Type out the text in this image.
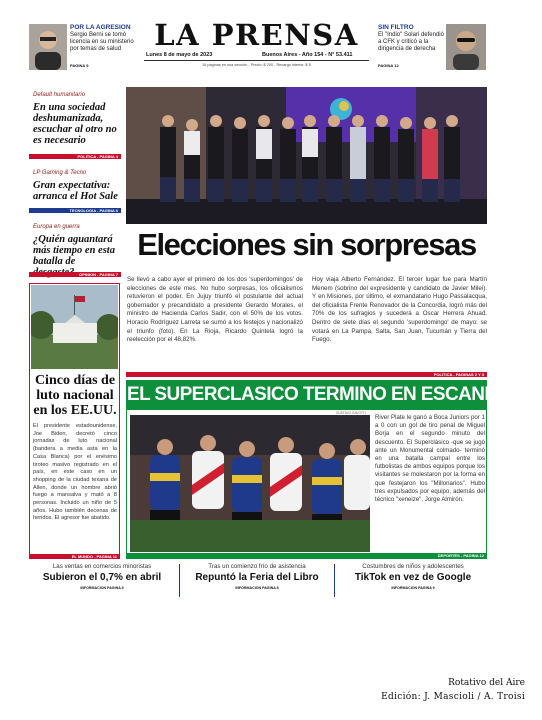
POR LA AGRESION
Sergio Berni se tomó licencia en su ministerio por temas de salud
PAGINA 9
LA PRENSA
Lunes 8 de mayo de 2023	Buenos Aires - Año 154 - N° 53.411
16 páginas en una sección - Precio: $ 200 - Recargo interior: $ 5
SIN FILTRO
El "Indio" Solari defendió a CFK y criticó a la dirigencia de derecha
PAGINA 12
Default humanitario
En una sociedad deshumanizada, escuchar al otro no es necesario
POLITICA - PAGINA 4
LP Gaming & Tecno
Gran expectativa: arranca el Hot Sale
TECNOLOGIA - PAGINA 6
Europa en guerra
¿Quién aguantará más tiempo en esta batalla de
OPINION - PAGINA 7
Cinco días de luto nacional en los EE.UU.
El presidente estadounidense, Joe Biden, decretó cinco jornadas de luto nacional (bandera a media asta en la Casa Blanca) por el enésimo tiroteo masivo registrado en el país, en este caso en un shopping de la ciudad texana de Allen, donde un hombre abrió fuego a mansalva y mató a 8 personas. Incluido un niño de 5 años. Hubo también decenas de heridos. El agresor fue abatido.
EL MUNDO - PAGINA 11
Elecciones sin sorpresas
Se llevó a cabo ayer el primero de los dos 'superdomingos' de elecciones de este mes. No hubo sorpresas, los oficialismos retuvieron el poder. En Jujuy triunfó el postulante del actual gobernador y precandidato a presidente Gerardo Morales, el ministro de Hacienda Carlos Sadir, con el 50% de los votos. Horacio Rodríguez Larreta se sumó a los festejos y nacionalizó el triunfo (foto). En La Rioja, Ricardo Quintela logró la reelección por el 48,82%.
Hoy viaja Alberto Fernández. El tercer lugar fue para Martín Menem (sobrino del expresidente y candidato de Javier Milei). Y en Misiones, por último, el exmandatario Hugo Passalacqua, del oficialista Frente Renovador de la Concordia, logró más del 70% de los sufragios y sucederá a Oscar Herrera Ahuad. Dentro de siete días el segundo 'superdomingo' de mayo: se votará en La Pampa, Salta, San Juan, Tucumán y Tierra del Fuego.
POLITICA - PAGINAS 2 Y 3
EL SUPERCLASICO TERMINO EN ESCANDALO
GUSTAVO GAVOTTI
River Plate le ganó a Boca Juniors por 1 a 0 con un gol de tiro penal de Miguel Borja en el segundo minuto del descuento. El Superclásico -que se jugó ante un Monumental colmado- terminó en una batalla campal entre los futbolistas de ambos equipos porque los visitantes se molestaron por la forma en que festejaron los "Millonarios". Hubo tres expulsados por equipo, además del técnico "xeneize", Jorge Almirón.
DEPORTES - PAGINA 12
Las ventas en comercios minoristas
Subieron el 0,7% en abril
INFORMACION PAGINA 5
Tras un comienzo frío de asistencia
Repuntó la Feria del Libro
INFORMACION PAGINA 8
Costumbres de niños y adolescentes
TikTok en vez de Google
INFORMACION PAGINA 9
Rotativo del Aire
Edición: J. Mascioli / A. Troisi
